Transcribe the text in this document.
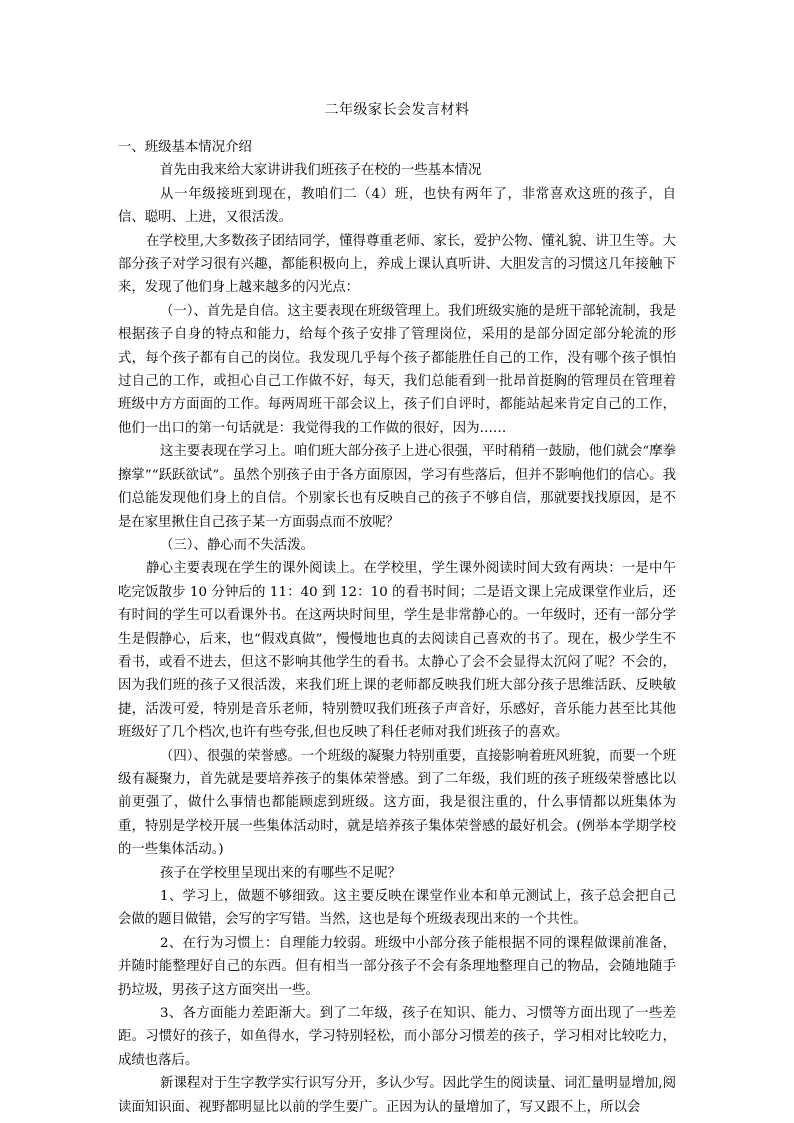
二年级家长会发言材料

一、班级基本情况介绍

首先由我来给大家讲讲我们班孩子在校的一些基本情况

从一年级接班到现在，教咱们二（4）班，也快有两年了，非常喜欢这班的孩子，自信、聪明、上进，又很活泼。

在学校里,大多数孩子团结同学，懂得尊重老师、家长，爱护公物、懂礼貌、讲卫生等。大部分孩子对学习很有兴趣，都能积极向上，养成上课认真听讲、大胆发言的习惯这几年接触下来，发现了他们身上越来越多的闪光点：

（一）、首先是自信。这主要表现在班级管理上。我们班级实施的是班干部轮流制，我是根据孩子自身的特点和能力，给每个孩子安排了管理岗位，采用的是部分固定部分轮流的形式，每个孩子都有自己的岗位。我发现几乎每个孩子都能胜任自己的工作，没有哪个孩子惧怕过自己的工作，或担心自己工作做不好，每天，我们总能看到一批昂首挺胸的管理员在管理着班级中方方面面的工作。每两周班干部会议上，孩子们自评时，都能站起来肯定自己的工作，他们一出口的第一句话就是：我觉得我的工作做的很好，因为……

这主要表现在学习上。咱们班大部分孩子上进心很强，平时稍稍一鼓励，他们就会“摩拳擦掌”“跃跃欲试”。虽然个别孩子由于各方面原因，学习有些落后，但并不影响他们的信心。我们总能发现他们身上的自信。个别家长也有反映自己的孩子不够自信，那就要找找原因，是不是在家里揪住自己孩子某一方面弱点而不放呢？

（三）、静心而不失活泼。

静心主要表现在学生的课外阅读上。在学校里，学生课外阅读时间大致有两块：一是中午吃完饭散步 10 分钟后的 11：40 到 12：10 的看书时间；二是语文课上完成课堂作业后，还有时间的学生可以看课外书。在这两块时间里，学生是非常静心的。一年级时，还有一部分学生是假静心，后来，也“假戏真做”，慢慢地也真的去阅读自己喜欢的书了。现在，极少学生不看书，或看不进去，但这不影响其他学生的看书。太静心了会不会显得太沉闷了呢？不会的，因为我们班的孩子又很活泼，来我们班上课的老师都反映我们班大部分孩子思维活跃、反映敏捷，活泼可爱，特别是音乐老师，特别赞叹我们班孩子声音好，乐感好，音乐能力甚至比其他班级好了几个档次,也许有些夸张,但也反映了科任老师对我们班孩子的喜欢。

（四）、很强的荣誉感。一个班级的凝聚力特别重要，直接影响着班风班貌，而要一个班级有凝聚力，首先就是要培养孩子的集体荣誉感。到了二年级，我们班的孩子班级荣誉感比以前更强了，做什么事情也都能顾虑到班级。这方面，我是很注重的，什么事情都以班集体为重，特别是学校开展一些集体活动时，就是培养孩子集体荣誉感的最好机会。(例举本学期学校的一些集体活动。)

孩子在学校里呈现出来的有哪些不足呢？

1、学习上，做题不够细致。这主要反映在课堂作业本和单元测试上，孩子总会把自己会做的题目做错，会写的字写错。当然，这也是每个班级表现出来的一个共性。

2、在行为习惯上：自理能力较弱。班级中小部分孩子能根据不同的课程做课前准备，并随时能整理好自己的东西。但有相当一部分孩子不会有条理地整理自己的物品，会随地随手扔垃圾，男孩子这方面突出一些。

3、各方面能力差距渐大。到了二年级，孩子在知识、能力、习惯等方面出现了一些差距。习惯好的孩子，如鱼得水，学习特别轻松，而小部分习惯差的孩子，学习相对比较吃力，成绩也落后。

新课程对于生字教学实行识写分开，多认少写。因此学生的阅读量、词汇量明显增加,阅读面知识面、视野都明显比以前的学生要广。正因为认的量增加了，写又跟不上，所以会
